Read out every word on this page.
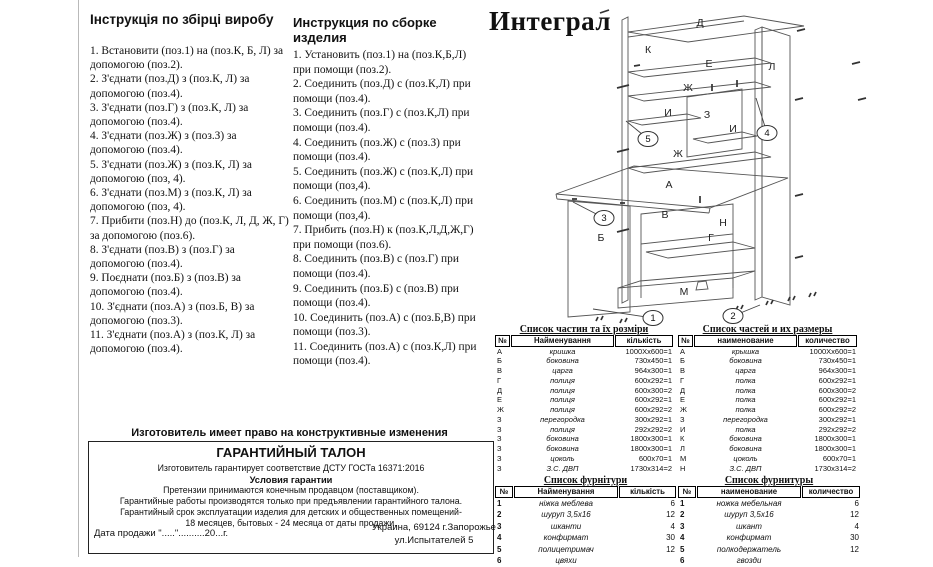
Інструкція по збірці виробу

1. Встановити (поз.1) на (поз.К, Б, Л) за допомогою (поз.2).

2. З'єднати (поз.Д) з (поз.К, Л) за допомогою (поз.4).

3. З'єднати (поз.Г) з (поз.К, Л) за допомогою (поз.4).

4. З'єднати (поз.Ж) з (поз.З) за допомогою (поз.4).

5. З'єднати (поз.Ж) з (поз.К, Л) за допомогою (поз, 4).

6. З'єднати (поз.М) з (поз.К, Л) за допомогою (поз, 4).

7. Прибити (поз.Н) до (поз.К, Л, Д, Ж, Г) за допомогою (поз.6).

8. З'єднати (поз.В) з (поз.Г) за допомогою (поз.4).

9. Поєднати (поз.Б) з (поз.В) за допомогою (поз.4).

10. З'єднати (поз.А) з (поз.Б, В) за допомогою (поз.3).

11. З'єднати (поз.А) з (поз.К, Л) за допомогою (поз.4).

Инструкция по сборке изделия

1. Установить (поз.1) на (поз.К,Б,Л) при помощи (поз.2).

2. Соединить (поз.Д) с (поз.К,Л) при помощи (поз.4).

3. Соединить (поз.Г) с (поз.К,Л) при помощи (поз.4).

4. Соединить (поз.Ж) с (поз.З) при помощи (поз.4).

5. Соединить (поз.Ж) с (поз.К,Л) при помощи (поз,4).

6. Соединить (поз.М) с (поз.К,Л) при помощи (поз,4).

7. Прибить (поз.Н) к (поз.К,Л,Д,Ж,Г) при помощи (поз.6).

8. Соединить (поз.В) с (поз.Г) при помощи (поз.4).

9. Соединить (поз.Б) с (поз.В) при помощи (поз.4).

10. Соединить (поз.А) с (поз.Б,В) при помощи (поз.3).

11. Соединить (поз.А) с (поз.К,Л) при помощи (поз.4).

Интеграл	Д
К
Е	Л
Ж
И	З
И
Ж
А
В
Н
Б	Г
М
5
4
3
1	2
Изготовитель имеет право на конструктивные изменения
ГАРАНТИЙНЫЙ ТАЛОН
Изготовитель гарантирует соответствие ДСТУ ГОСТа 16371:2016
Условия гарантии

Претензии принимаются конечным продавцом (поставщиком).

Гарантийные работы производятся только при предъявлении гарантийного талона.

Гарантийный срок эксплуатации изделия для детских и общественных помещений-

18 месяцев, бытовых - 24 месяца от даты продажи.

Дата продажи "....."..........20...г.
Украина, 69124 г.Запорожье
ул.Испытателей 5
Список частин та їх розміри
№	Найменування	кількість
А	кришка	1000Хх600=1
Б	боковина	730х450=1
В	царга	964х300=1
Г	полиця	600х292=1
Д	полиця	600х300=2
Е	полиця	600х292=1
Ж	полиця	600х292=2
З	перегородка	300х292=1
З	полиця	292х292=2
З	боковина	1800х300=1
З	боковина	1800х300=1
З	цоколь	600х70=1
З	З.С. ДВП	1730х314=2
Список частей и их размеры
№	наименование	количество
А	крышка	1000Хх600=1
Б	боковина	730х450=1
В	царга	964х300=1
Г	полка	600х292=1
Д	полка	600х300=2
Е	полка	600х292=1
Ж	полка	600х292=2
З	перегородка	300х292=1
И	полка	292х292=2
К	боковина	1800х300=1
Л	боковина	1800х300=1
М	цоколь	600х70=1
Н	З.С. ДВП	1730х314=2
Список фурнітури
№	Найменування	кількість
1	ніжка меблева	6
2	шуруп 3,5х16	12
3	шканти	4
4	конфирмат	30
5	полицетримач	12
6	цвяхи	
Список фурнитуры
№	наименование	количество
1	ножка мебельная	6
2	шуруп 3,5х16	12
3	шкант	4
4	конфирмат	30
5	полкодержатель	12
6	гвозди	
